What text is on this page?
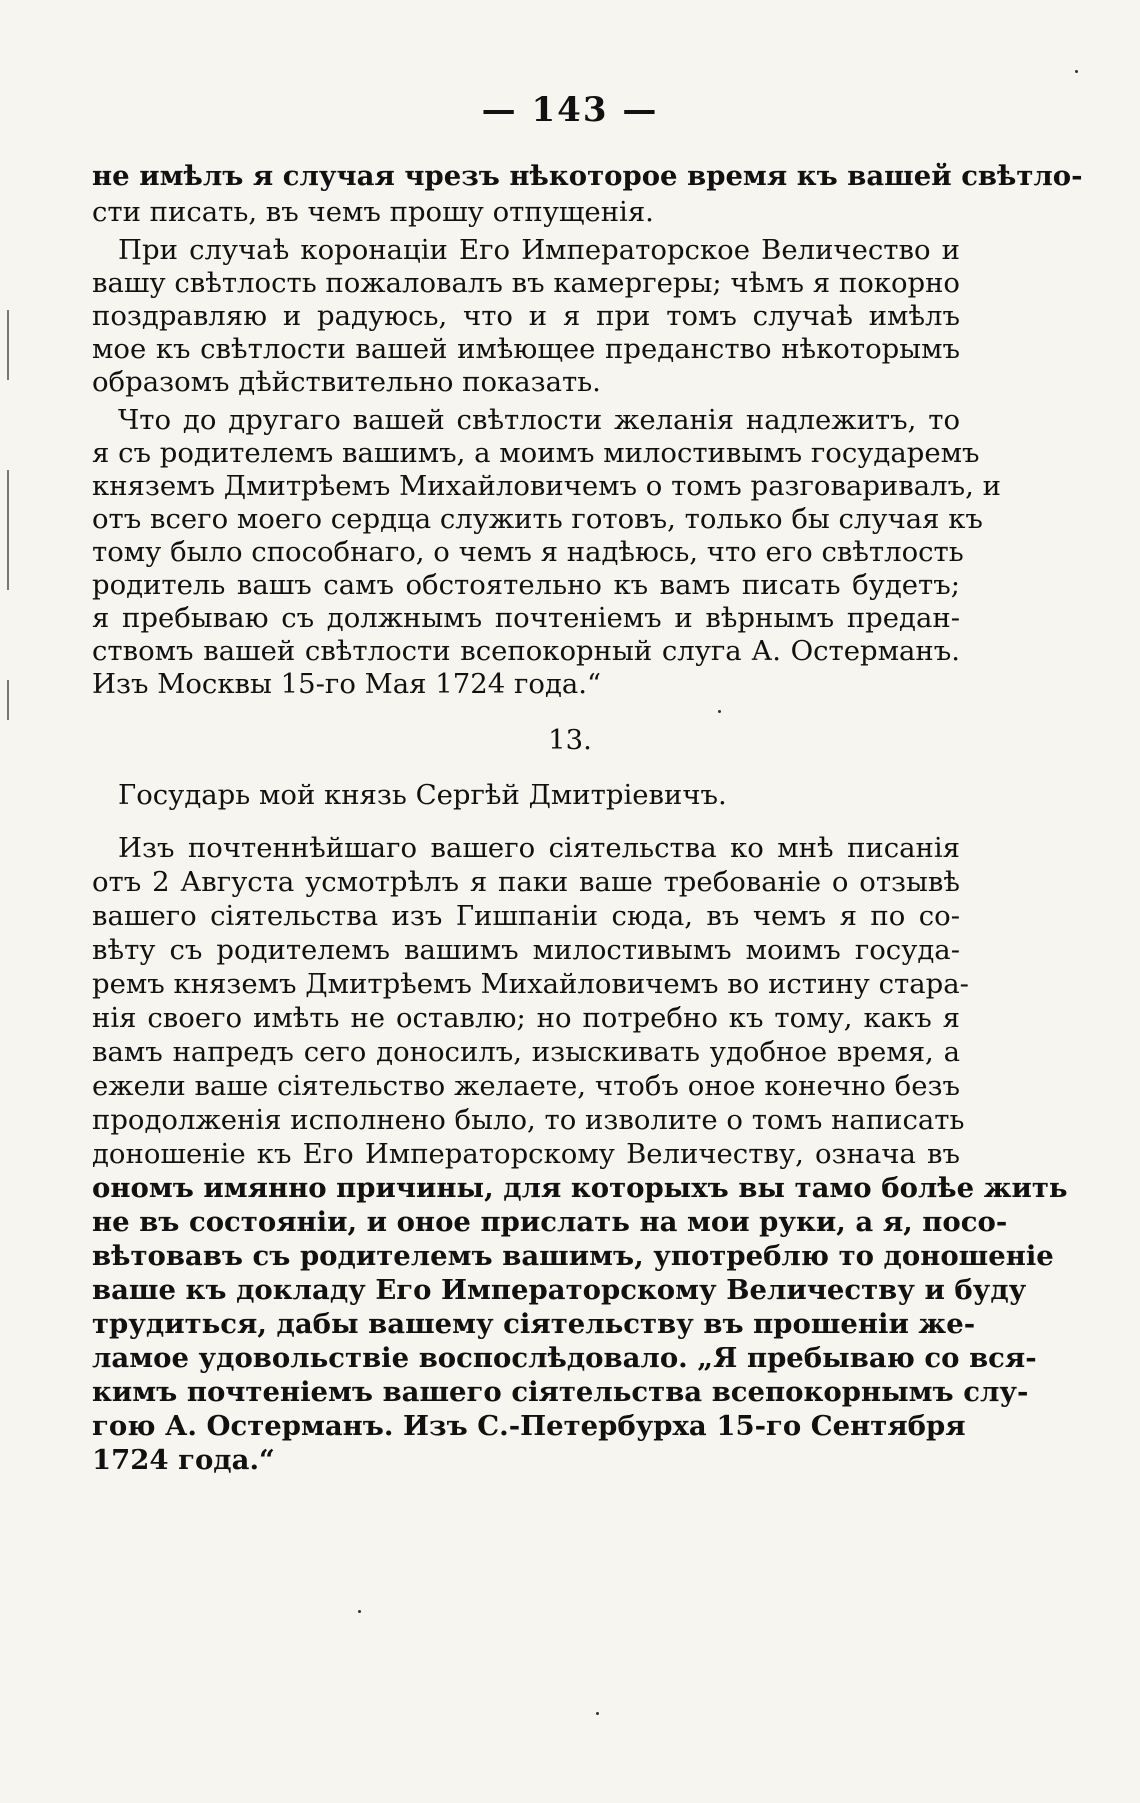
— 143 —
не имѣлъ я случая чрезъ нѣкоторое время къ вашей свѣтло-
сти писать, въ чемъ прошу отпущенія.
При случаѣ коронаціи Его Императорское Величество и
вашу свѣтлость пожаловалъ въ камергеры; чѣмъ я покорно
поздравляю и радуюсь, что и я при томъ случаѣ имѣлъ
мое къ свѣтлости вашей имѣющее преданство нѣкоторымъ
образомъ дѣйствительно показать.
Что до другаго вашей свѣтлости желанія надлежитъ, то
я съ родителемъ вашимъ, а моимъ милостивымъ государемъ
княземъ Дмитрѣемъ Михайловичемъ о томъ разговаривалъ, и
отъ всего моего сердца служить готовъ, только бы случая къ
тому было способнаго, о чемъ я надѣюсь, что его свѣтлость
родитель вашъ самъ обстоятельно къ вамъ писать будетъ;
я пребываю съ должнымъ почтеніемъ и вѣрнымъ предан-
ствомъ вашей свѣтлости всепокорный слуга А. Остерманъ.
Изъ Москвы 15-го Мая 1724 года.“
13.
Государь мой князь Сергѣй Дмитріевичъ.
Изъ почтеннѣйшаго вашего сіятельства ко мнѣ писанія
отъ 2 Августа усмотрѣлъ я паки ваше требованіе о отзывѣ
вашего сіятельства изъ Гишпаніи сюда, въ чемъ я по со-
вѣту съ родителемъ вашимъ милостивымъ моимъ госуда-
ремъ княземъ Дмитрѣемъ Михайловичемъ во истину стара-
нія своего имѣть не оставлю; но потребно къ тому, какъ я
вамъ напредъ сего доносилъ, изыскивать удобное время, а
ежели ваше сіятельство желаете, чтобъ оное конечно безъ
продолженія исполнено было, то изволите о томъ написать
доношеніе къ Его Императорскому Величеству, означа въ
ономъ имянно причины, для которыхъ вы тамо болѣе жить
не въ состояніи, и оное прислать на мои руки, а я, посо-
вѣтовавъ съ родителемъ вашимъ, употреблю то доношеніе
ваше къ докладу Его Императорскому Величеству и буду
трудиться, дабы вашему сіятельству въ прошеніи же-
ламое удовольствіе воспослѣдовало. „Я пребываю со вся-
кимъ почтеніемъ вашего сіятельства всепокорнымъ слу-
гою А. Остерманъ. Изъ С.-Петербурха 15-го Сентября
1724 года.“
